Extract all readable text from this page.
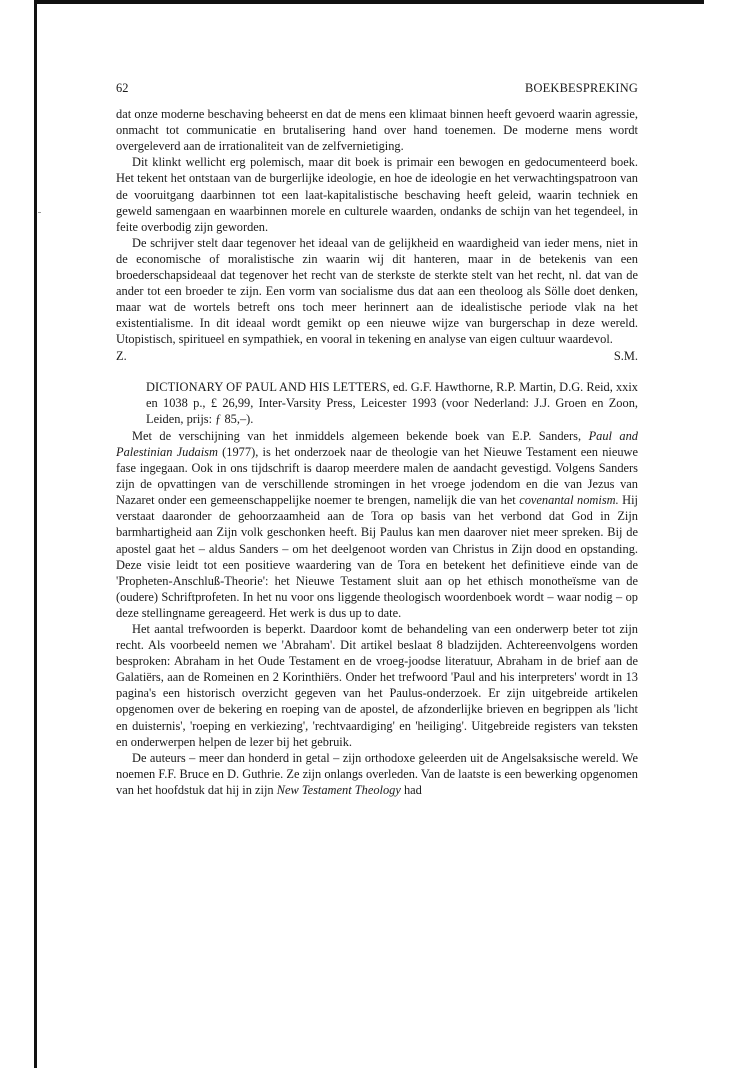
62	BOEKBESPREKING

dat onze moderne beschaving beheerst en dat de mens een klimaat binnen heeft gevoerd waarin agressie, onmacht tot communicatie en brutalisering hand over hand toenemen. De moderne mens wordt overgeleverd aan de irrationaliteit van de zelfvernietiging.

Dit klinkt wellicht erg polemisch, maar dit boek is primair een bewogen en gedocumenteerd boek. Het tekent het ontstaan van de burgerlijke ideologie, en hoe de ideologie en het verwachtingspatroon van de vooruitgang daarbinnen tot een laat-kapitalistische beschaving heeft geleid, waarin techniek en geweld samengaan en waarbinnen morele en culturele waarden, ondanks de schijn van het tegendeel, in feite overbodig zijn geworden.

De schrijver stelt daar tegenover het ideaal van de gelijkheid en waardigheid van ieder mens, niet in de economische of moralistische zin waarin wij dit hanteren, maar in de betekenis van een broederschapsideaal dat tegenover het recht van de sterkste de sterkte stelt van het recht, nl. dat van de ander tot een broeder te zijn. Een vorm van socialisme dus dat aan een theoloog als Sölle doet denken, maar wat de wortels betreft ons toch meer herinnert aan de idealistische periode vlak na het existentialisme. In dit ideaal wordt gemikt op een nieuwe wijze van burgerschap in deze wereld. Utopistisch, spiritueel en sympathiek, en vooral in tekening en analyse van eigen cultuur waardevol.

Z.	S.M.

DICTIONARY OF PAUL AND HIS LETTERS, ed. G.F. Hawthorne, R.P. Martin, D.G. Reid, xxix en 1038 p., £ 26,99, Inter-Varsity Press, Leicester 1993 (voor Nederland: J.J. Groen en Zoon, Leiden, prijs: ƒ 85,–).

Met de verschijning van het inmiddels algemeen bekende boek van E.P. Sanders, Paul and Palestinian Judaism (1977), is het onderzoek naar de theologie van het Nieuwe Testament een nieuwe fase ingegaan. Ook in ons tijdschrift is daarop meerdere malen de aandacht gevestigd. Volgens Sanders zijn de opvattingen van de verschillende stromingen in het vroege jodendom en die van Jezus van Nazaret onder een gemeenschappelijke noemer te brengen, namelijk die van het covenantal nomism. Hij verstaat daaronder de gehoorzaamheid aan de Tora op basis van het verbond dat God in Zijn barmhartigheid aan Zijn volk geschonken heeft. Bij Paulus kan men daarover niet meer spreken. Bij de apostel gaat het – aldus Sanders – om het deelgenoot worden van Christus in Zijn dood en opstanding. Deze visie leidt tot een positieve waardering van de Tora en betekent het definitieve einde van de 'Propheten-Anschluß-Theorie': het Nieuwe Testament sluit aan op het ethisch monotheïsme van de (oudere) Schriftprofeten. In het nu voor ons liggende theologisch woordenboek wordt – waar nodig – op deze stellingname gereageerd. Het werk is dus up to date.

Het aantal trefwoorden is beperkt. Daardoor komt de behandeling van een onderwerp beter tot zijn recht. Als voorbeeld nemen we 'Abraham'. Dit artikel beslaat 8 bladzijden. Achtereenvolgens worden besproken: Abraham in het Oude Testament en de vroeg-joodse literatuur, Abraham in de brief aan de Galatiërs, aan de Romeinen en 2 Korinthiërs. Onder het trefwoord 'Paul and his interpreters' wordt in 13 pagina's een historisch overzicht gegeven van het Paulus-onderzoek. Er zijn uitgebreide artikelen opgenomen over de bekering en roeping van de apostel, de afzonderlijke brieven en begrippen als 'licht en duisternis', 'roeping en verkiezing', 'rechtvaardiging' en 'heiliging'. Uitgebreide registers van teksten en onderwerpen helpen de lezer bij het gebruik.

De auteurs – meer dan honderd in getal – zijn orthodoxe geleerden uit de Angelsaksische wereld. We noemen F.F. Bruce en D. Guthrie. Ze zijn onlangs overleden. Van de laatste is een bewerking opgenomen van het hoofdstuk dat hij in zijn New Testament Theology had
